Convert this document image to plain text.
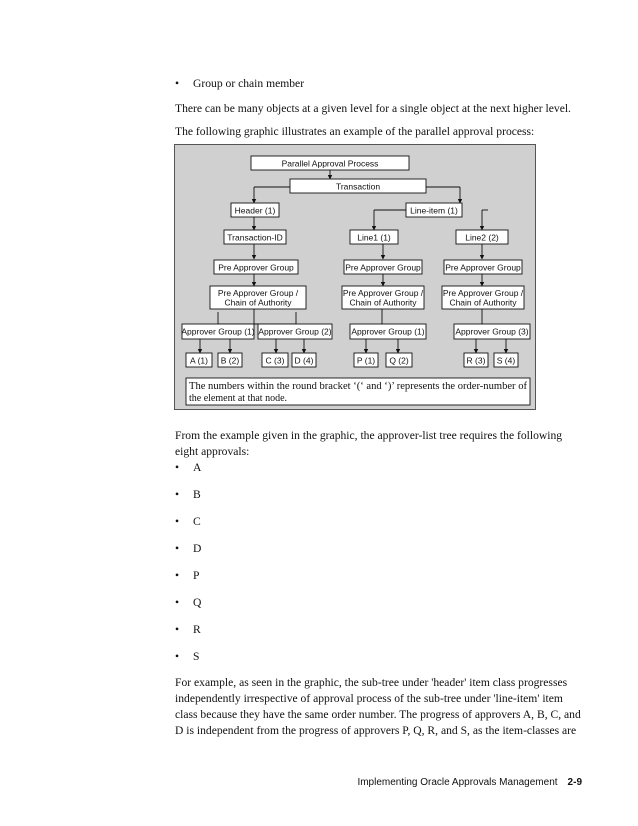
• Group or chain member

There can be many objects at a given level for a single object at the next higher level.

The following graphic illustrates an example of the parallel approval process:

Parallel Approval Process
Transaction
Header (1)	Line-item (1)
Transaction-ID	Line1 (1)	Line2 (2)
Pre Approver Group	Pre Approver Group	Pre Approver Group
Pre Approver Group /
Chain of Authority
Pre Approver Group /
Chain of Authority
Pre Approver Group /
Chain of Authority
Approver Group (1) Approver Group (2) Approver Group (1)	Approver Group (3)
A (1) B (2)	C (3) D (4)	P (1) Q (2)	R (3) S (4)
The numbers within the round bracket ‘(‘ and ‘)’ represents the order-number of
the element at that node.

From the example given in the graphic, the approver-list tree requires the following eight approvals:

• A
• B
• C
• D
• P
• Q
• R
• S

For example, as seen in the graphic, the sub-tree under 'header' item class progresses independently irrespective of approval process of the sub-tree under 'line-item' item class because they have the same order number. The progress of approvers A, B, C, and D is independent from the progress of approvers P, Q, R, and S, as the item-classes are

Implementing Oracle Approvals Management 2-9
